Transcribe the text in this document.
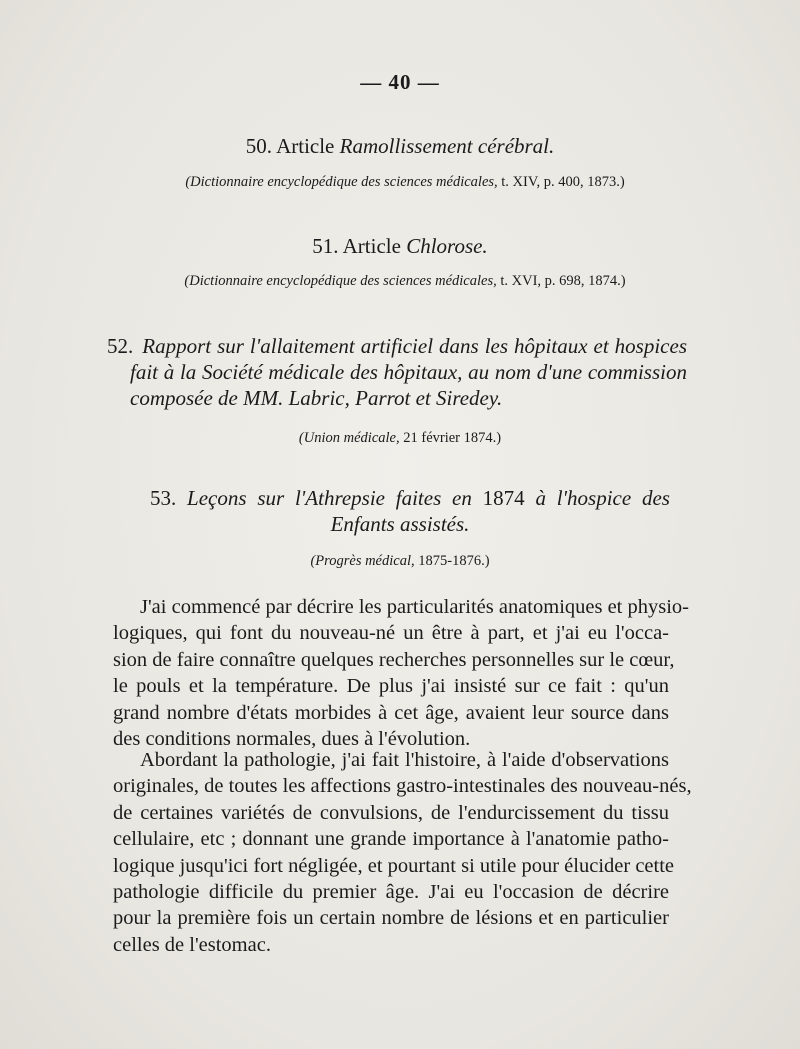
— 40 —
50. Article Ramollissement cérébral.
(Dictionnaire encyclopédique des sciences médicales, t. XIV, p. 400, 1873.)
51. Article Chlorose.
(Dictionnaire encyclopédique des sciences médicales, t. XVI, p. 698, 1874.)
52. Rapport sur l'allaitement artificiel dans les hôpitaux et hospices
fait à la Société médicale des hôpitaux, au nom d'une commission
composée de MM. Labric, Parrot et Siredey.
(Union médicale, 21 février 1874.)
53. Leçons sur l'Athrepsie faites en 1874 à l'hospice des
Enfants assistés.
(Progrès médical, 1875-1876.)
J'ai commencé par décrire les particularités anatomiques et physio-
logiques, qui font du nouveau-né un être à part, et j'ai eu l'occa-
sion de faire connaître quelques recherches personnelles sur le cœur,
le pouls et la température. De plus j'ai insisté sur ce fait : qu'un
grand nombre d'états morbides à cet âge, avaient leur source dans
des conditions normales, dues à l'évolution.
Abordant la pathologie, j'ai fait l'histoire, à l'aide d'observations
originales, de toutes les affections gastro-intestinales des nouveau-nés,
de certaines variétés de convulsions, de l'endurcissement du tissu
cellulaire, etc ; donnant une grande importance à l'anatomie patho-
logique jusqu'ici fort négligée, et pourtant si utile pour élucider cette
pathologie difficile du premier âge. J'ai eu l'occasion de décrire
pour la première fois un certain nombre de lésions et en particulier
celles de l'estomac.
